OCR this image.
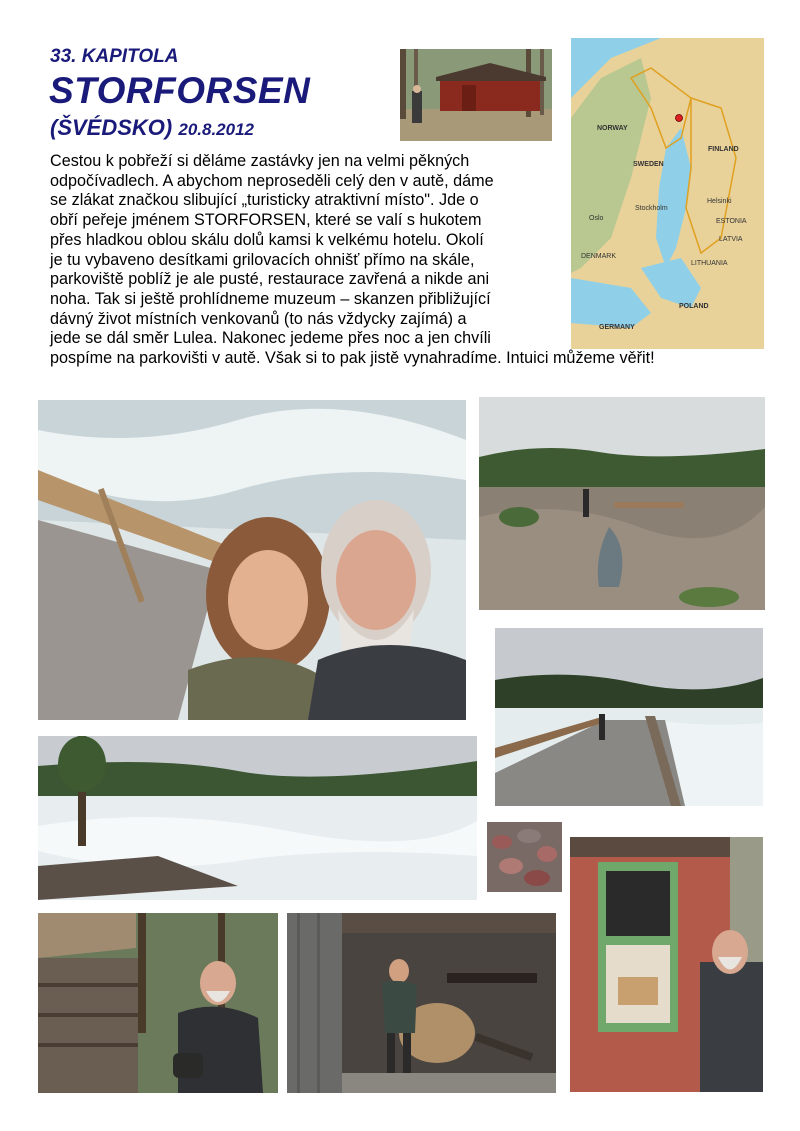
33. KAPITOLA
STORFORSEN
(ŠVÉDSKO) 20.8.2012
Cestou k pobřeží si děláme zastávky jen na velmi pěkných
odpočívadlech. A abychom neproseděli celý den v autě, dáme
se zlákat značkou slibující „turisticky atraktivní místo". Jde o
obří peřeje jménem STORFORSEN, které se valí s hukotem
přes hladkou oblou skálu dolů kamsi k velkému hotelu. Okolí
je tu vybaveno desítkami grilovacích ohnišť přímo na skále,
parkoviště poblíž je ale pusté, restaurace zavřená a nikde ani
noha. Tak si ještě prohlídneme muzeum – skanzen přibližující
dávný život místních venkovanů (to nás vždycky zajímá) a
jede se dál směr Lulea. Nakonec jedeme přes noc a jen chvíli
pospíme na parkovišti v autě. Však si to pak jistě vynahradíme. Intuici můžeme věřit!
FINLAND
SWEDEN
NORWAY
Stockholm
Oslo
Helsinki
ESTONIA
LATVIA
LITHUANIA
DENMARK
POLAND
GERMANY
